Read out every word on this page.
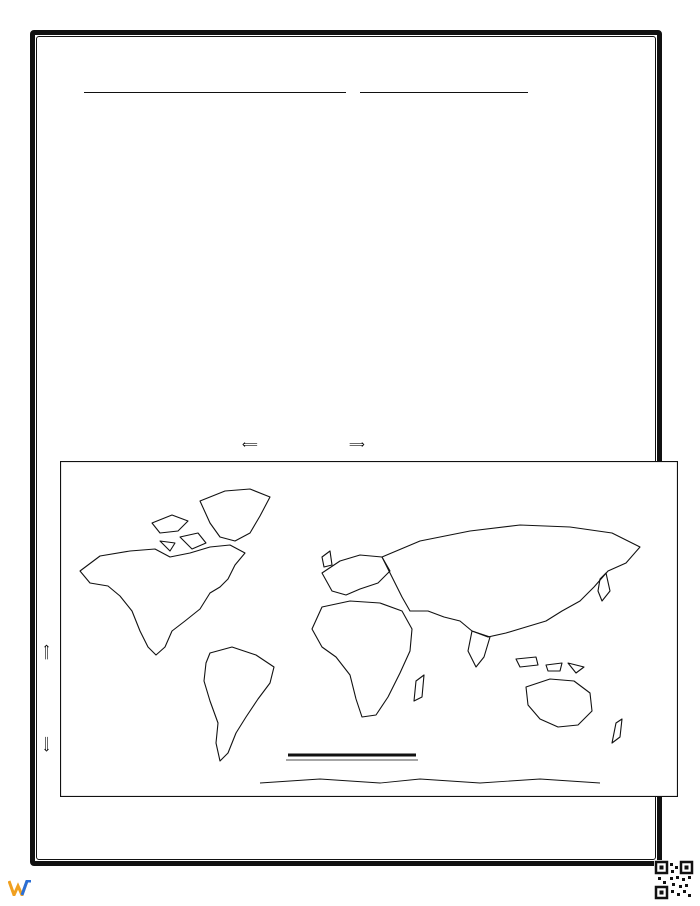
⟸	⟹
⟹
⟸
